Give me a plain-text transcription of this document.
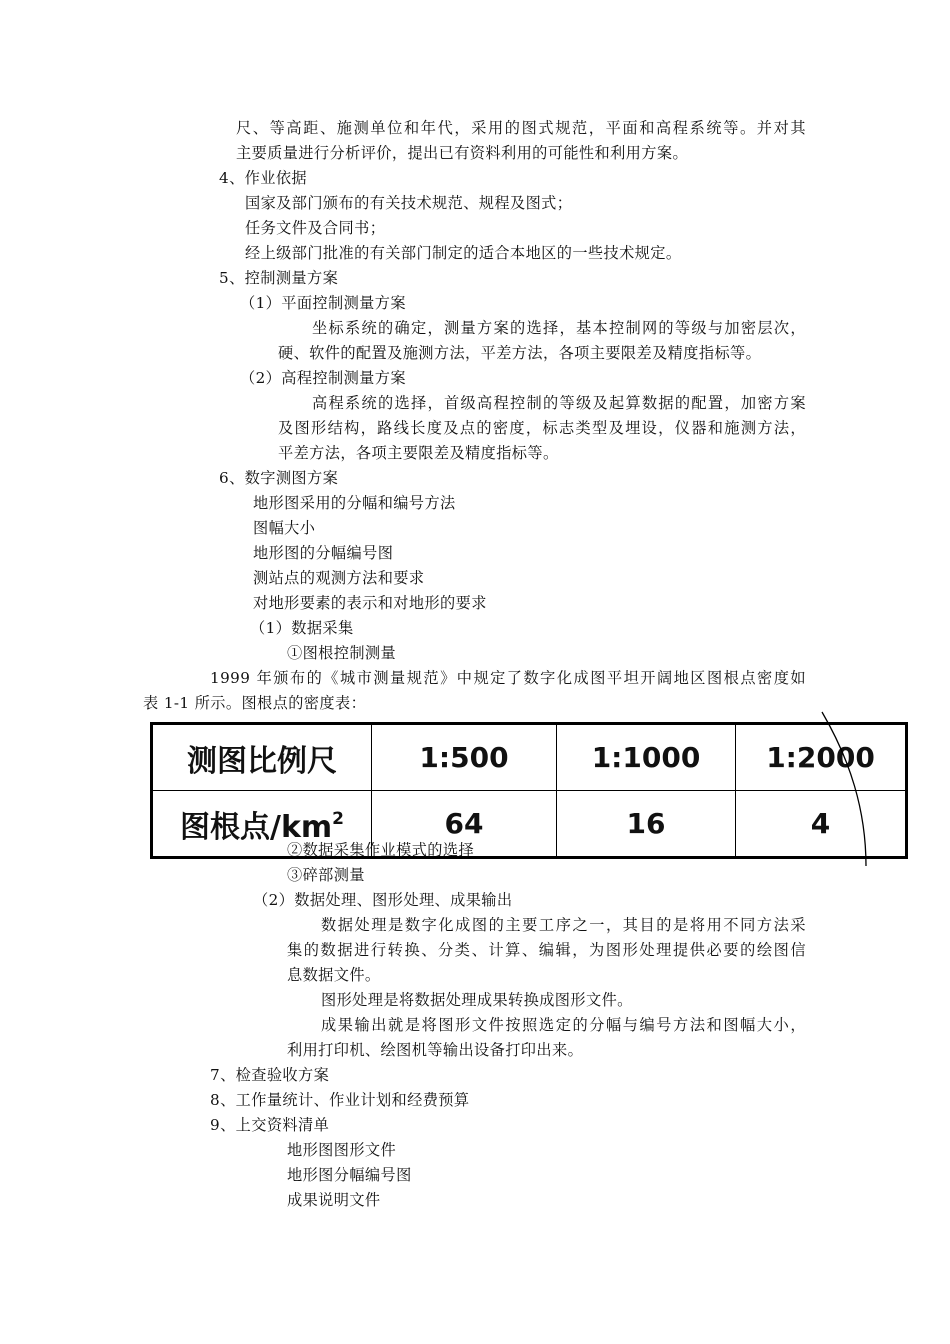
尺、等高距、施测单位和年代，采用的图式规范，平面和高程系统等。并对其
主要质量进行分析评价，提出已有资料利用的可能性和利用方案。
4、作业依据
国家及部门颁布的有关技术规范、规程及图式；
任务文件及合同书；
经上级部门批准的有关部门制定的适合本地区的一些技术规定。
5、控制测量方案
（1）平面控制测量方案
坐标系统的确定，测量方案的选择，基本控制网的等级与加密层次，
硬、软件的配置及施测方法，平差方法，各项主要限差及精度指标等。
（2）高程控制测量方案
高程系统的选择，首级高程控制的等级及起算数据的配置，加密方案
及图形结构，路线长度及点的密度，标志类型及埋设，仪器和施测方法，
平差方法，各项主要限差及精度指标等。
6、数字测图方案
地形图采用的分幅和编号方法
图幅大小
地形图的分幅编号图
测站点的观测方法和要求
对地形要素的表示和对地形的要求
（1）数据采集
①图根控制测量
1999 年颁布的《城市测量规范》中规定了数字化成图平坦开阔地区图根点密度如
表 1-1 所示。图根点的密度表：
测图比例尺	1:500	1:1000	1:2000
图根点$/km^2$	64	16	4
②数据采集作业模式的选择
③碎部测量
（2）数据处理、图形处理、成果输出
数据处理是数字化成图的主要工序之一，其目的是将用不同方法采
集的数据进行转换、分类、计算、编辑，为图形处理提供必要的绘图信
息数据文件。
图形处理是将数据处理成果转换成图形文件。
成果输出就是将图形文件按照选定的分幅与编号方法和图幅大小，
利用打印机、绘图机等输出设备打印出来。
7、检查验收方案
8、工作量统计、作业计划和经费预算
9、上交资料清单
地形图图形文件
地形图分幅编号图
成果说明文件
